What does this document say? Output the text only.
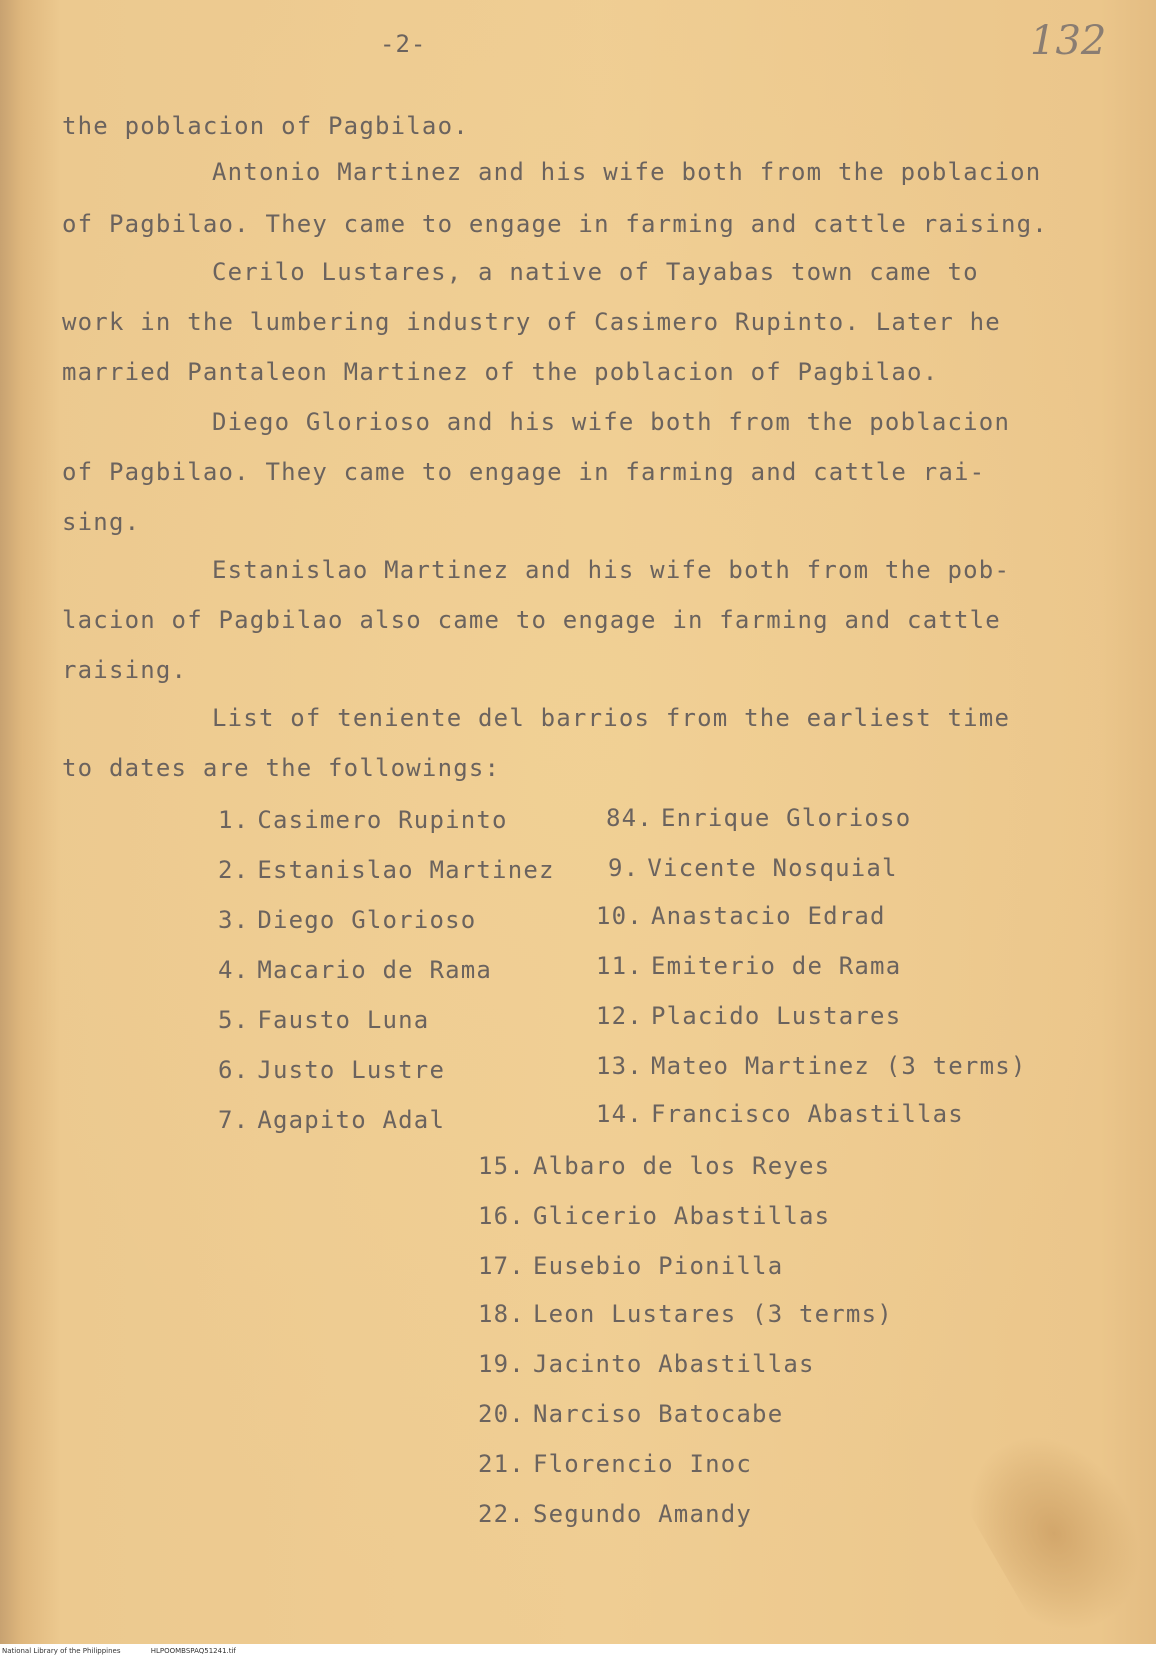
-2-	132
the poblacion of Pagbilao.
Antonio Martinez and his wife both from the poblacion
of Pagbilao. They came to engage in farming and cattle raising.
Cerilo Lustares, a native of Tayabas town came to
work in the lumbering industry of Casimero Rupinto. Later he
married Pantaleon Martinez of the poblacion of Pagbilao.
Diego Glorioso and his wife both from the poblacion
of Pagbilao. They came to engage in farming and cattle rai-
sing.
Estanislao Martinez and his wife both from the pob-
lacion of Pagbilao also came to engage in farming and cattle
raising.
List of teniente del barrios from the earliest time
to dates are the followings:
1. Casimero Rupinto
2. Estanislao Martinez
3. Diego Glorioso
4. Macario de Rama
5. Fausto Luna
6. Justo Lustre
7. Agapito Adal
84. Enrique Glorioso
9. Vicente Nosquial
10. Anastacio Edrad
11. Emiterio de Rama
12. Placido Lustares
13. Mateo Martinez (3 terms)
14. Francisco Abastillas
15. Albaro de los Reyes
16. Glicerio Abastillas
17. Eusebio Pionilla
18. Leon Lustares (3 terms)
19. Jacinto Abastillas
20. Narciso Batocabe
21. Florencio Inoc
22. Segundo Amandy
National Library of the Philippines	HLPOOMBSPAQ51241.tif
